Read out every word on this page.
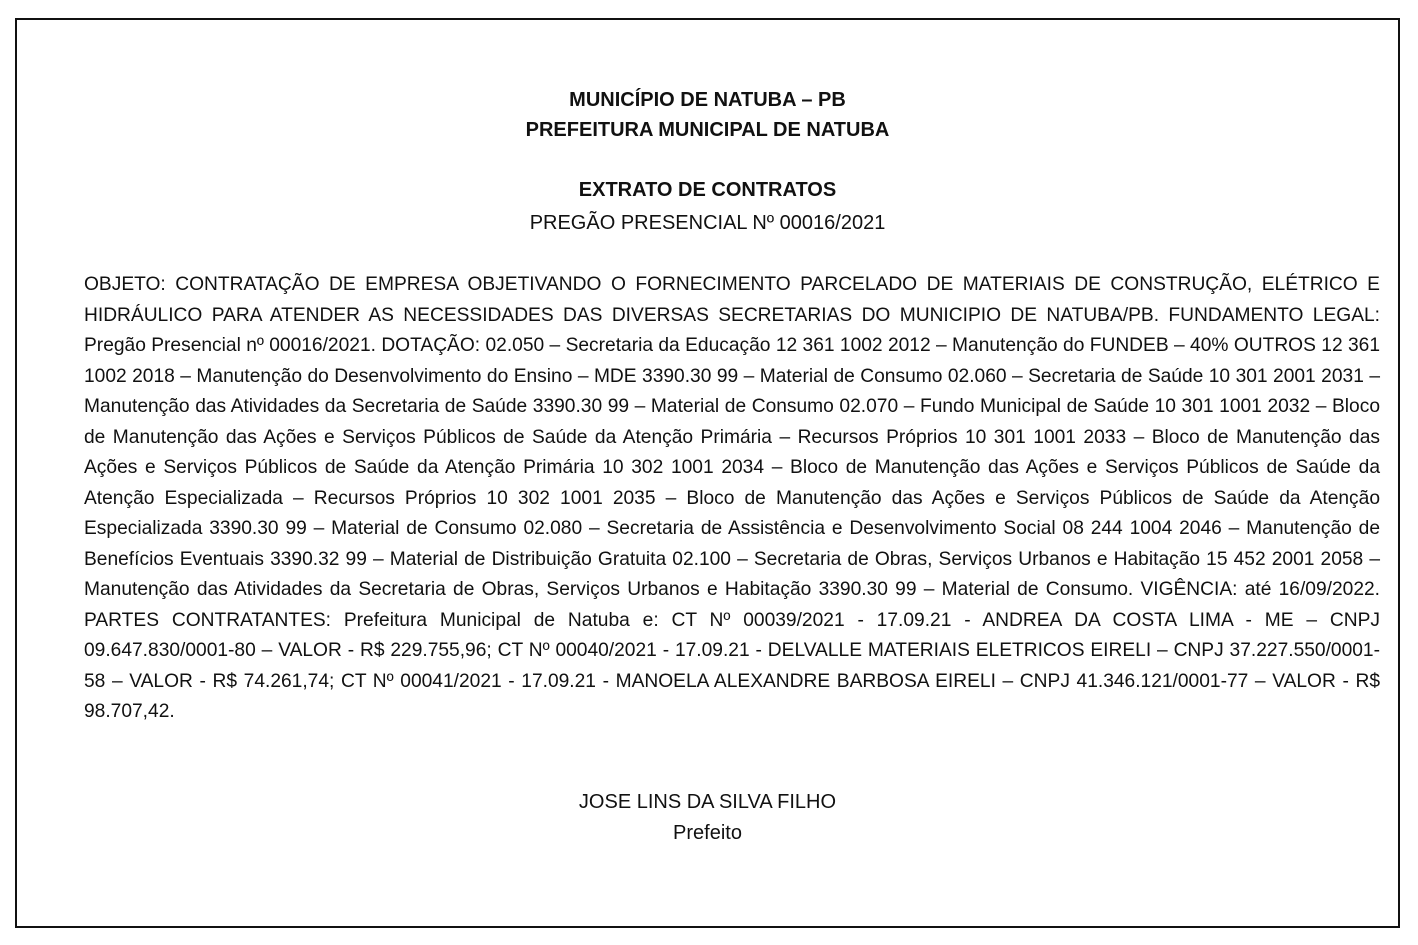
MUNICÍPIO DE NATUBA – PB
PREFEITURA MUNICIPAL DE NATUBA
EXTRATO DE CONTRATOS
PREGÃO PRESENCIAL Nº 00016/2021

OBJETO: CONTRATAÇÃO DE EMPRESA OBJETIVANDO O FORNECIMENTO PARCELADO DE MATERIAIS DE CONSTRUÇÃO, ELÉTRICO E HIDRÁULICO PARA ATENDER AS NECESSIDADES DAS DIVERSAS SECRETARIAS DO MUNICIPIO DE NATUBA/PB. FUNDAMENTO LEGAL: Pregão Presencial nº 00016/2021. DOTAÇÃO: 02.050 – Secretaria da Educação 12 361 1002 2012 – Manutenção do FUNDEB – 40% OUTROS 12 361 1002 2018 – Manutenção do Desenvolvimento do Ensino – MDE 3390.30 99 – Material de Consumo 02.060 – Secretaria de Saúde 10 301 2001 2031 – Manutenção das Atividades da Secretaria de Saúde 3390.30 99 – Material de Consumo 02.070 – Fundo Municipal de Saúde 10 301 1001 2032 – Bloco de Manutenção das Ações e Serviços Públicos de Saúde da Atenção Primária – Recursos Próprios 10 301 1001 2033 – Bloco de Manutenção das Ações e Serviços Públicos de Saúde da Atenção Primária 10 302 1001 2034 – Bloco de Manutenção das Ações e Serviços Públicos de Saúde da Atenção Especializada – Recursos Próprios 10 302 1001 2035 – Bloco de Manutenção das Ações e Serviços Públicos de Saúde da Atenção Especializada 3390.30 99 – Material de Consumo 02.080 – Secretaria de Assistência e Desenvolvimento Social 08 244 1004 2046 – Manutenção de Benefícios Eventuais 3390.32 99 – Material de Distribuição Gratuita 02.100 – Secretaria de Obras, Serviços Urbanos e Habitação 15 452 2001 2058 – Manutenção das Atividades da Secretaria de Obras, Serviços Urbanos e Habitação 3390.30 99 – Material de Consumo. VIGÊNCIA: até 16/09/2022. PARTES CONTRATANTES: Prefeitura Municipal de Natuba e: CT Nº 00039/2021 - 17.09.21 - ANDREA DA COSTA LIMA - ME – CNPJ 09.647.830/0001-80 – VALOR - R$ 229.755,96; CT Nº 00040/2021 - 17.09.21 - DELVALLE MATERIAIS ELETRICOS EIRELI – CNPJ 37.227.550/0001-58 – VALOR - R$ 74.261,74; CT Nº 00041/2021 - 17.09.21 - MANOELA ALEXANDRE BARBOSA EIRELI – CNPJ 41.346.121/0001-77 – VALOR - R$ 98.707,42.

JOSE LINS DA SILVA FILHO
Prefeito
